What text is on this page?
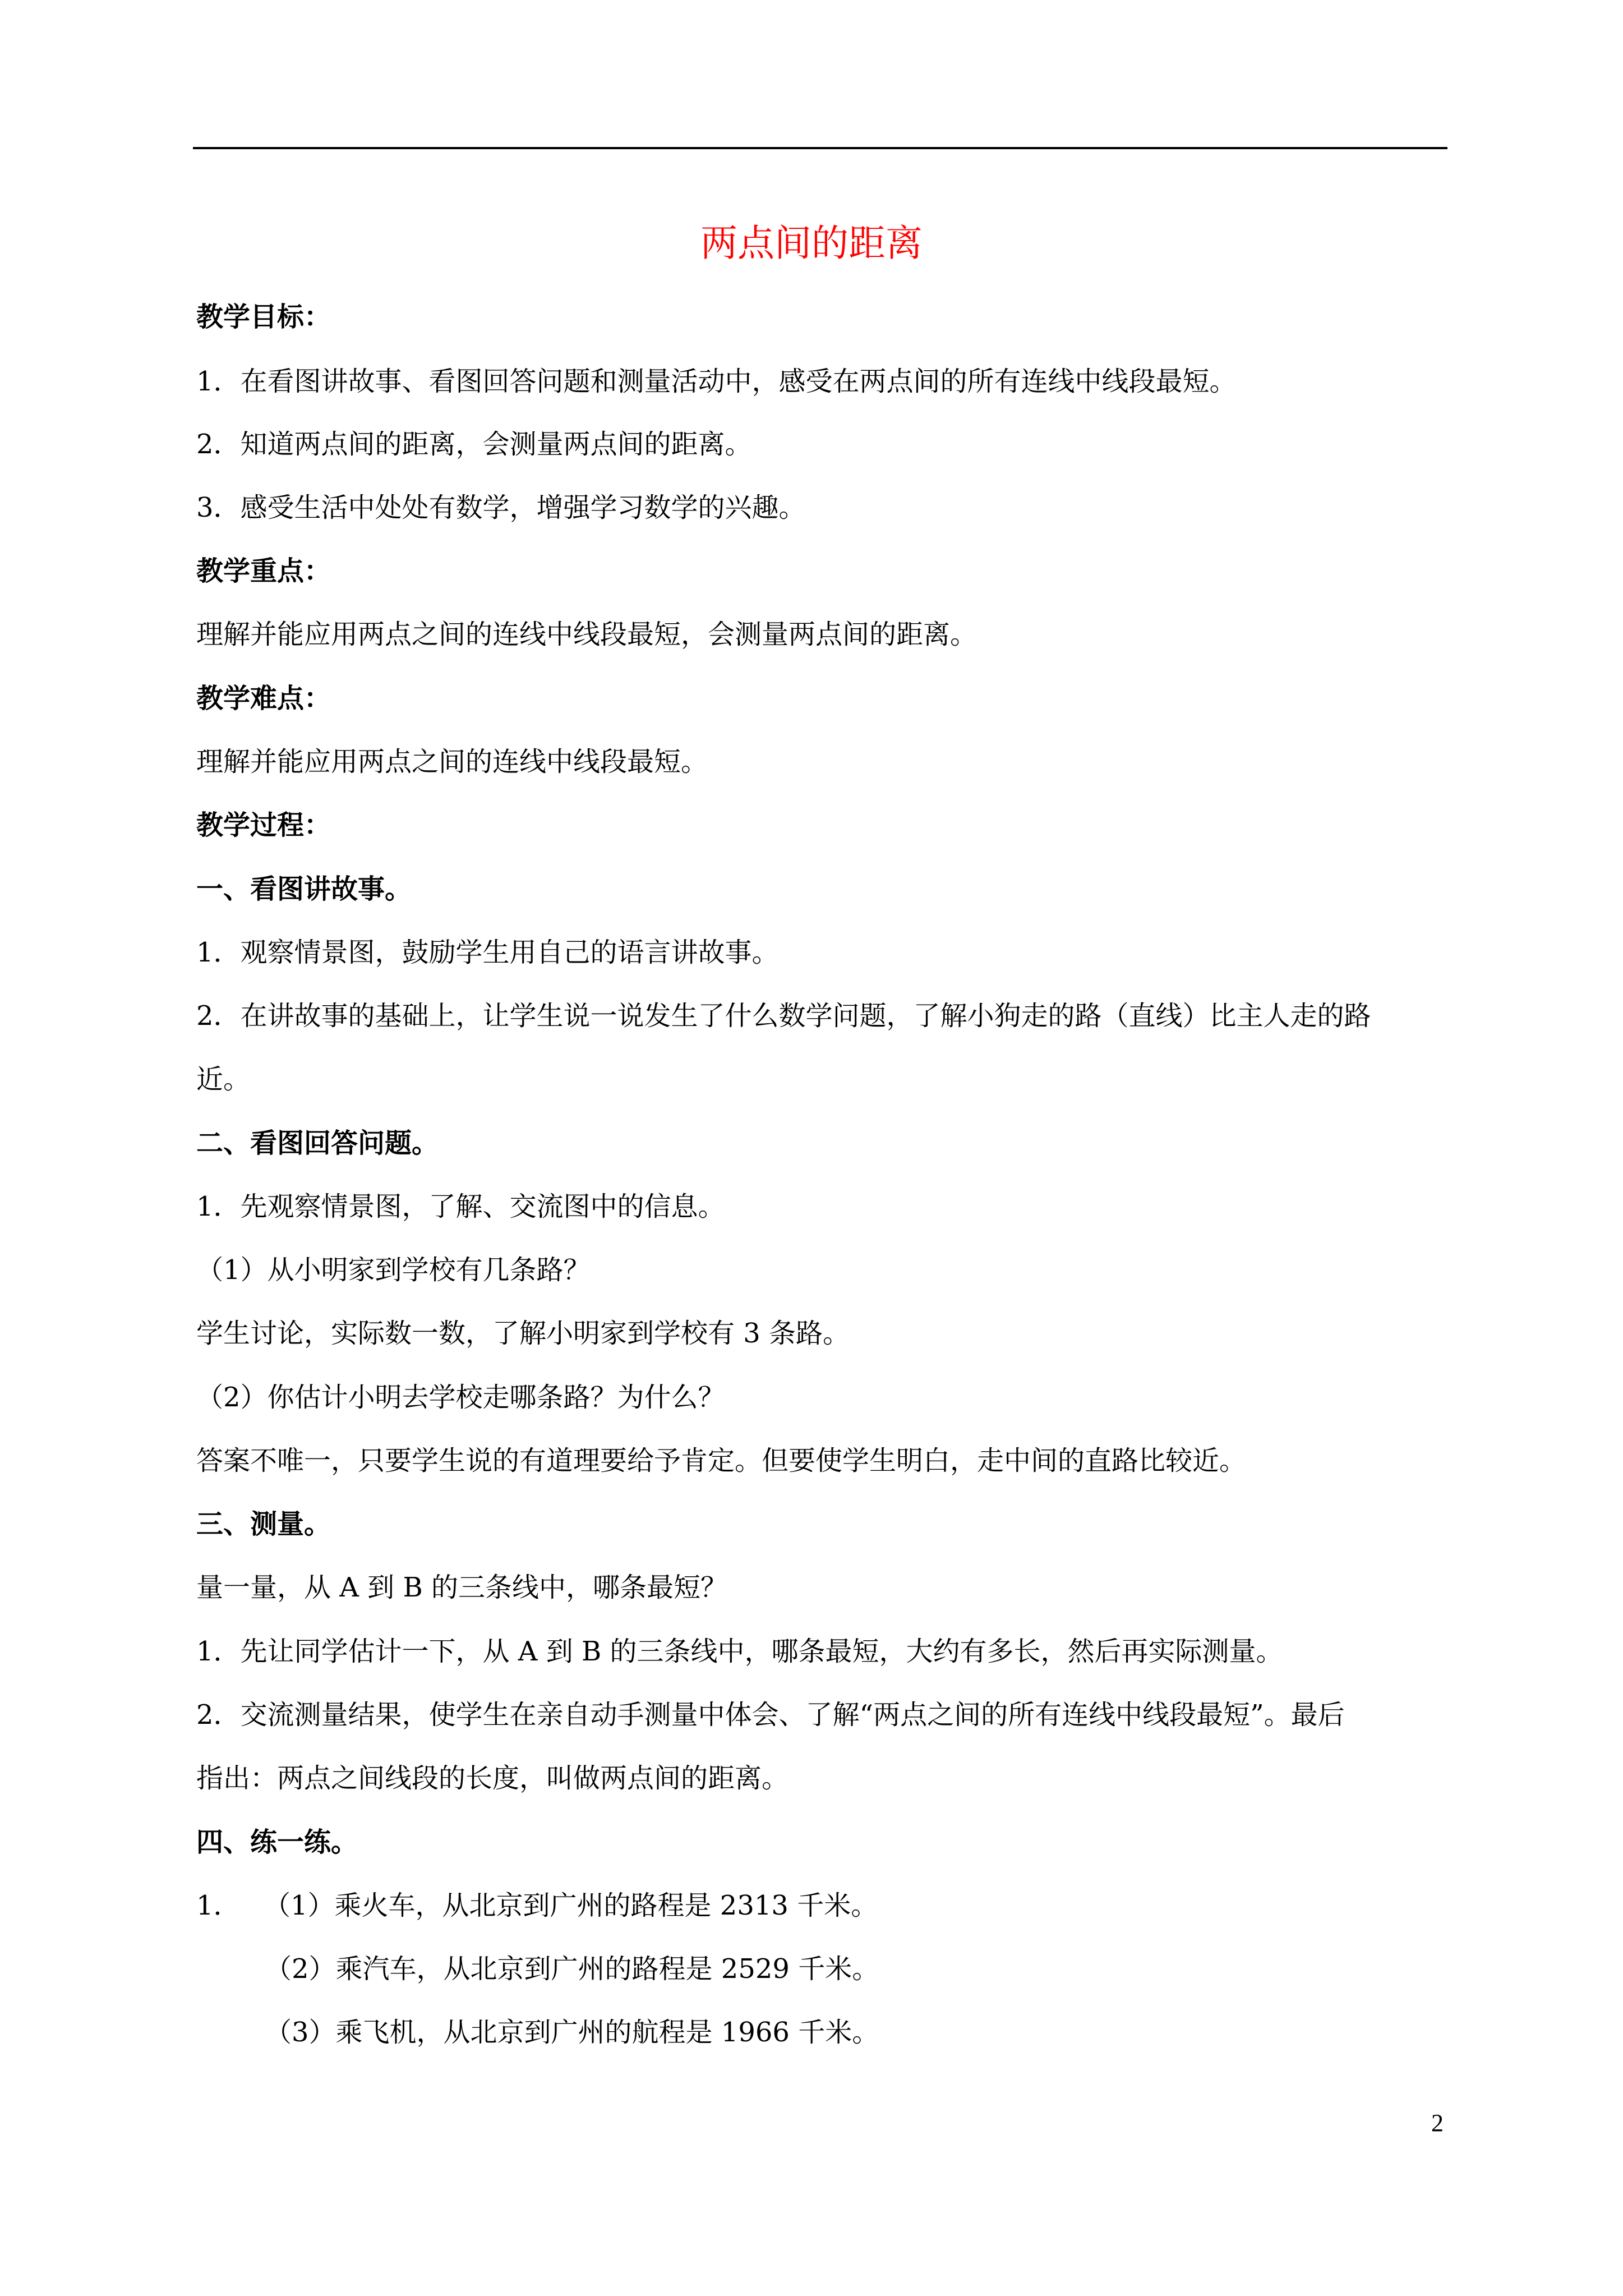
两点间的距离
教学目标：
1．在看图讲故事、看图回答问题和测量活动中，感受在两点间的所有连线中线段最短。
2．知道两点间的距离，会测量两点间的距离。
3．感受生活中处处有数学，增强学习数学的兴趣。
教学重点：
理解并能应用两点之间的连线中线段最短，会测量两点间的距离。
教学难点：
理解并能应用两点之间的连线中线段最短。
教学过程：
一、看图讲故事。
1．观察情景图，鼓励学生用自己的语言讲故事。
2．在讲故事的基础上，让学生说一说发生了什么数学问题，了解小狗走的路（直线）比主人走的路
近。
二、看图回答问题。
1．先观察情景图，了解、交流图中的信息。
（1）从小明家到学校有几条路？
学生讨论，实际数一数，了解小明家到学校有 3 条路。
（2）你估计小明去学校走哪条路？为什么？
答案不唯一，只要学生说的有道理要给予肯定。但要使学生明白，走中间的直路比较近。
三、测量。
量一量，从 A 到 B 的三条线中，哪条最短？
1．先让同学估计一下，从 A 到 B 的三条线中，哪条最短，大约有多长，然后再实际测量。
2．交流测量结果，使学生在亲自动手测量中体会、了解“两点之间的所有连线中线段最短”。最后
指出：两点之间线段的长度，叫做两点间的距离。
四、练一练。
1． （1）乘火车，从北京到广州的路程是 2313 千米。
（2）乘汽车，从北京到广州的路程是 2529 千米。
（3）乘飞机，从北京到广州的航程是 1966 千米。
2
